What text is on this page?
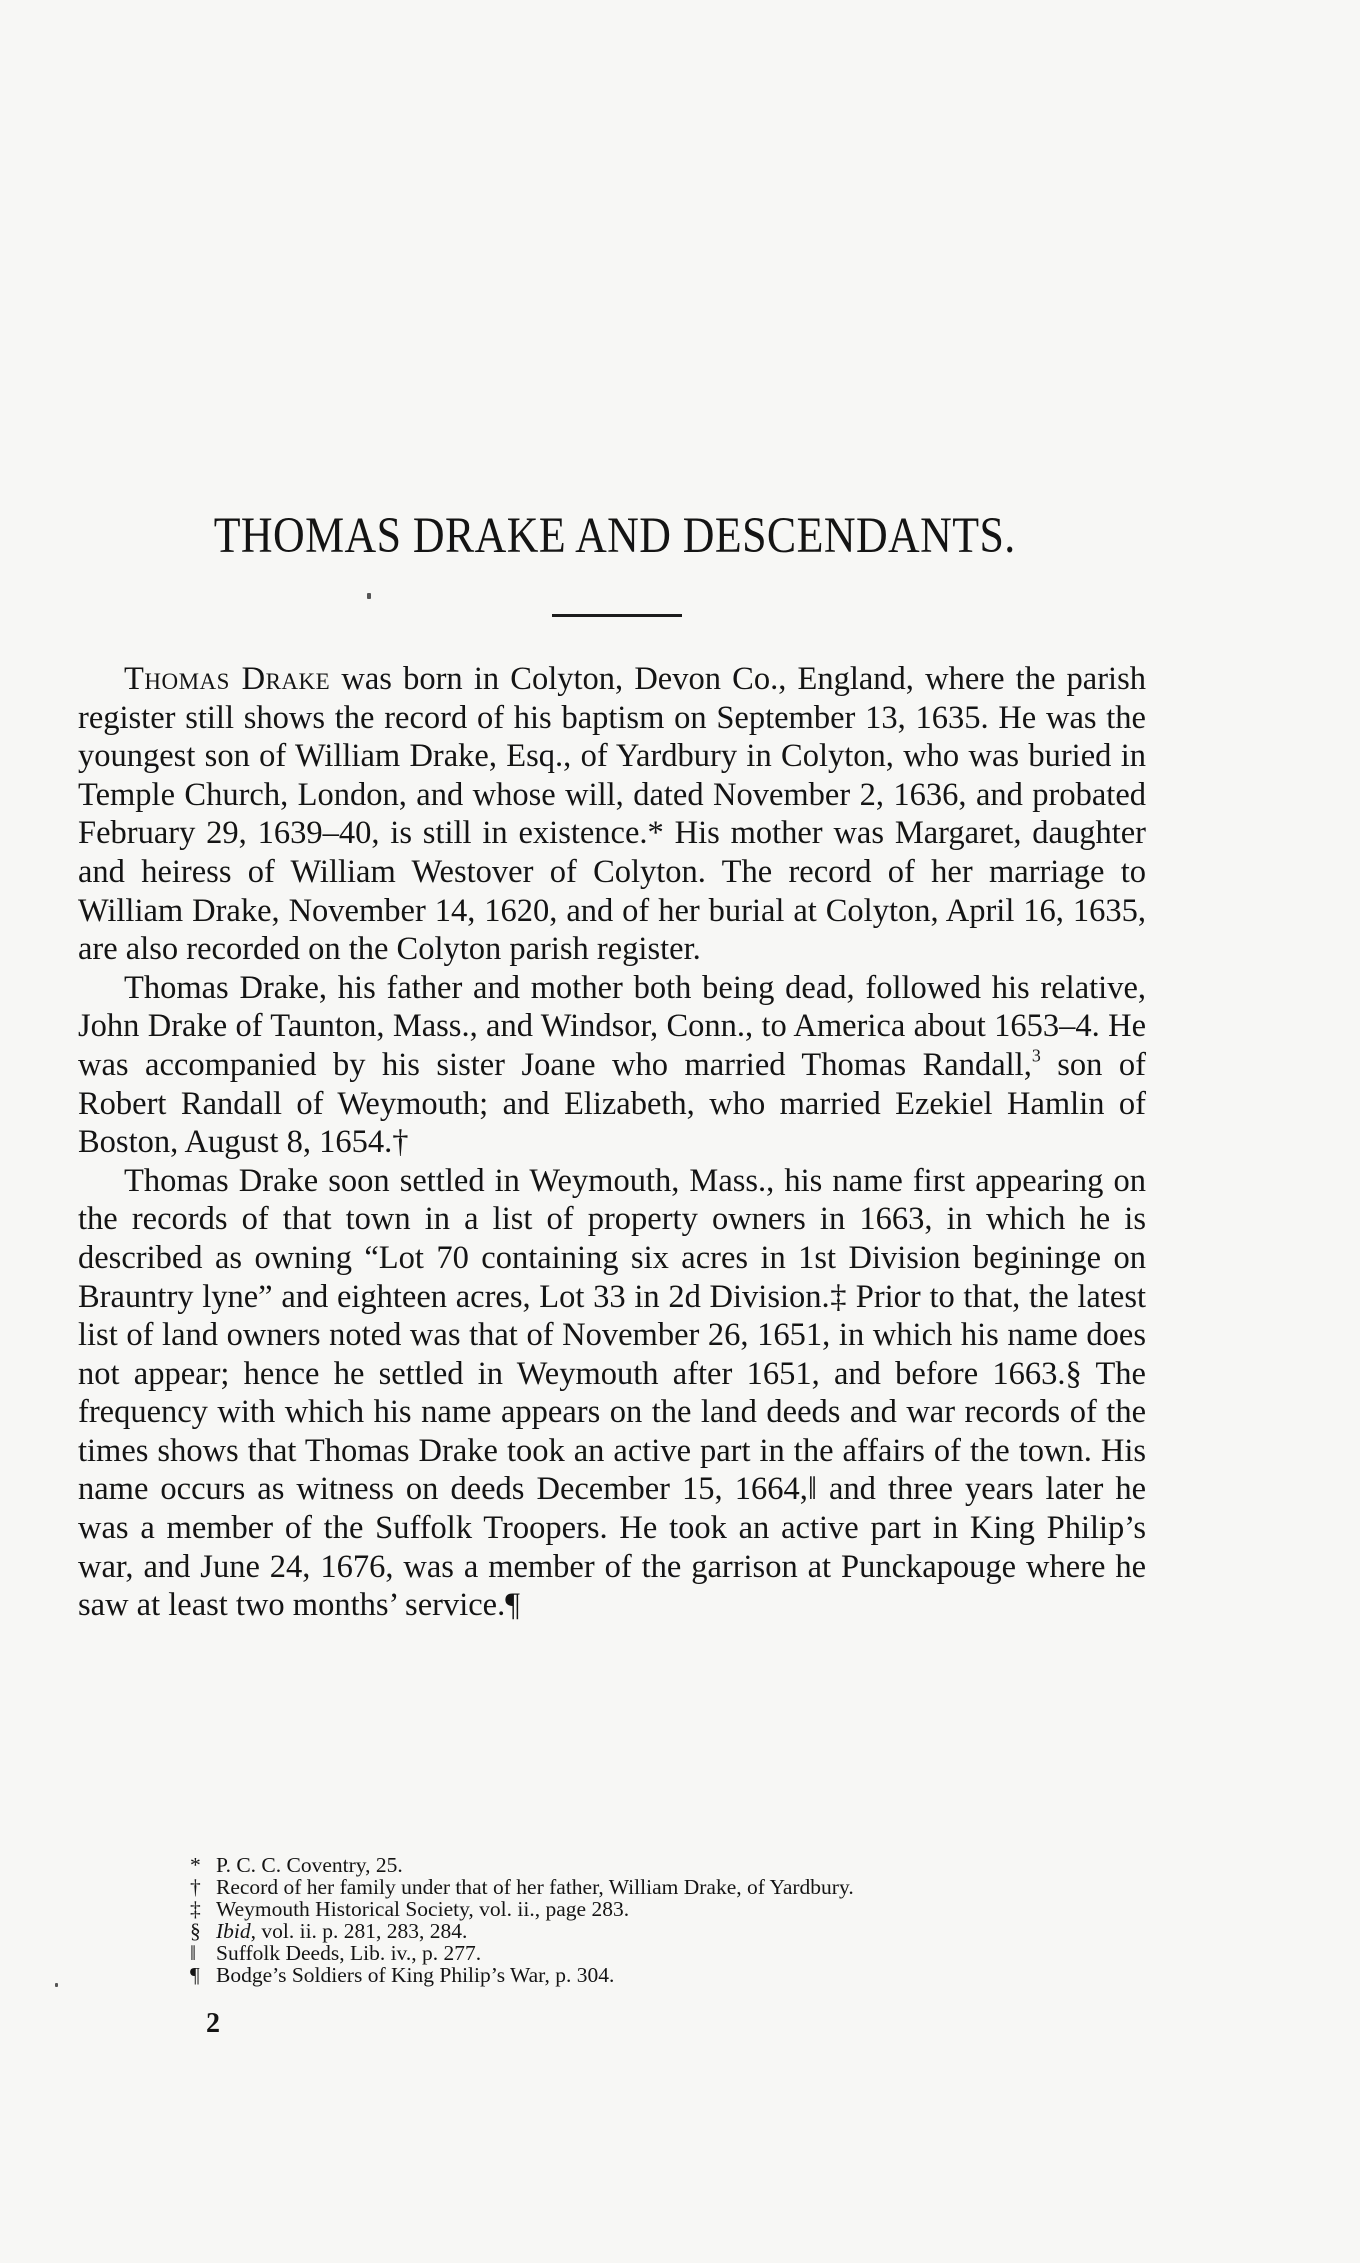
THOMAS DRAKE AND DESCENDANTS.

Thomas Drake was born in Colyton, Devon Co., England, where the parish register still shows the record of his baptism on September 13, 1635. He was the youngest son of William Drake, Esq., of Yardbury in Colyton, who was buried in Temple Church, London, and whose will, dated November 2, 1636, and probated February 29, 1639–40, is still in existence.* His mother was Margaret, daughter and heiress of William Westover of Colyton. The record of her marriage to William Drake, November 14, 1620, and of her burial at Colyton, April 16, 1635, are also recorded on the Colyton parish register.

Thomas Drake, his father and mother both being dead, followed his relative, John Drake of Taunton, Mass., and Windsor, Conn., to America about 1653–4. He was accompanied by his sister Joane who married Thomas Randall,$^3$ son of Robert Randall of Weymouth; and Elizabeth, who married Ezekiel Hamlin of Boston, August 8, 1654.†

Thomas Drake soon settled in Weymouth, Mass., his name first appearing on the records of that town in a list of property owners in 1663, in which he is described as owning “Lot 70 containing six acres in 1st Division begininge on Brauntry lyne” and eighteen acres, Lot 33 in 2d Division.‡ Prior to that, the latest list of land owners noted was that of November 26, 1651, in which his name does not appear; hence he settled in Weymouth after 1651, and before 1663.§ The frequency with which his name appears on the land deeds and war records of the times shows that Thomas Drake took an active part in the affairs of the town. His name occurs as witness on deeds December 15, 1664,‖ and three years later he was a member of the Suffolk Troopers. He took an active part in King Philip’s war, and June 24, 1676, was a member of the garrison at Punckapouge where he saw at least two months’ service.¶

* P. C. C. Coventry, 25.
† Record of her family under that of her father, William Drake, of Yardbury.
‡ Weymouth Historical Society, vol. ii., page 283.
§ Ibid, vol. ii. p. 281, 283, 284.
‖ Suffolk Deeds, Lib. iv., p. 277.
¶ Bodge’s Soldiers of King Philip’s War, p. 304.
2
